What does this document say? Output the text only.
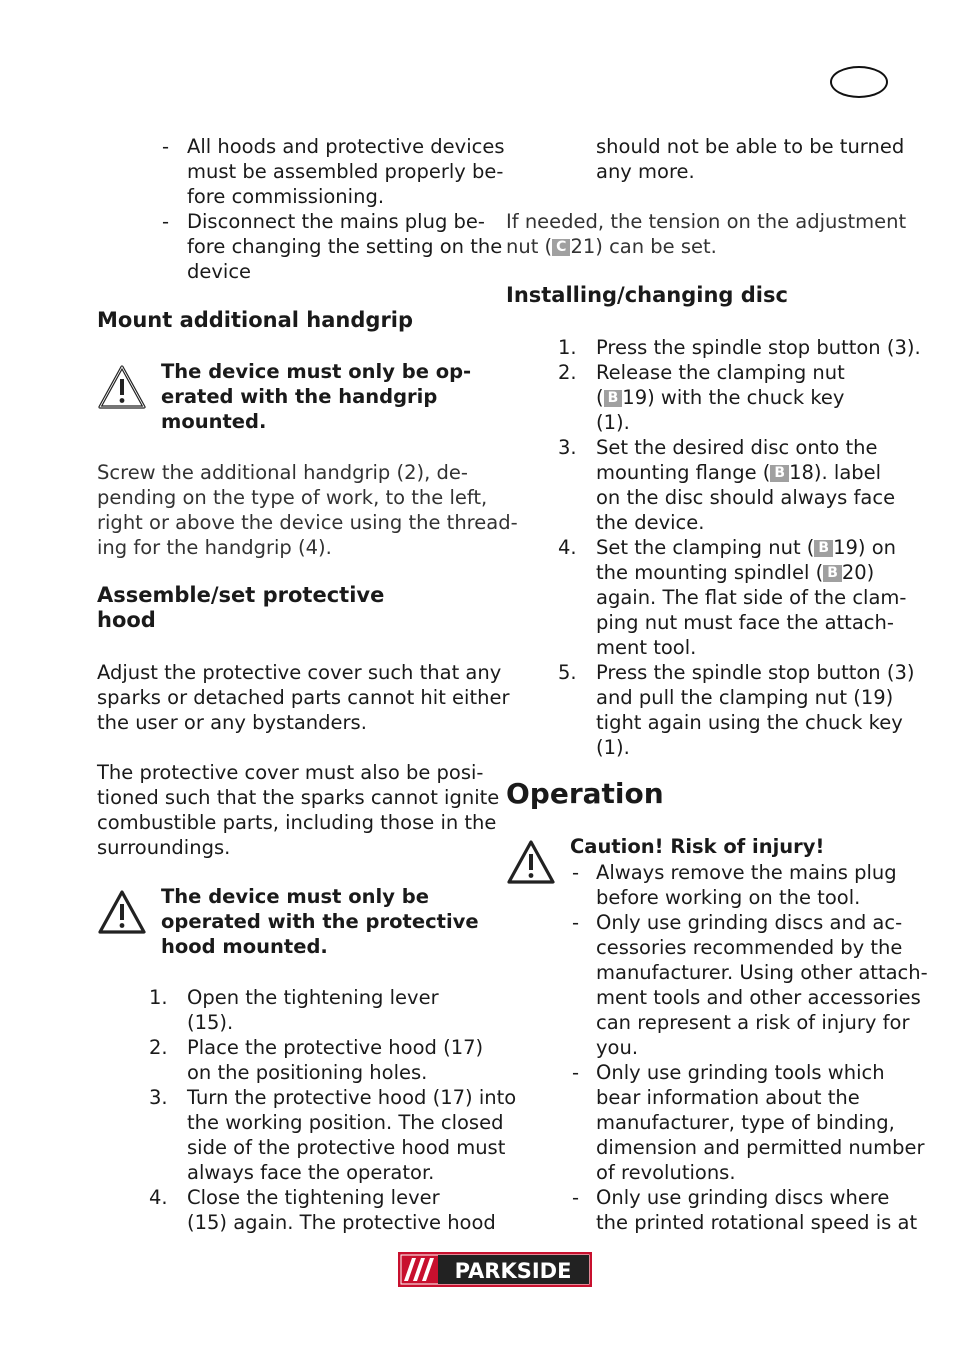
- All hoods and protective devices
must be assembled properly be-
fore commissioning.
- Disconnect the mains plug be-
fore changing the setting on the
device
Mount additional handgrip
The device must only be op-
erated with the handgrip
mounted.
Screw the additional handgrip (2), de-
pending on the type of work, to the left,
right or above the device using the thread-
ing for the handgrip (4).
Assemble/set protective
hood
Adjust the protective cover such that any
sparks or detached parts cannot hit either
the user or any bystanders.
The protective cover must also be posi-
tioned such that the sparks cannot ignite
combustible parts, including those in the
surroundings.
The device must only be
operated with the protective
hood mounted.
1. Open the tightening lever
(15).
2. Place the protective hood (17)
on the positioning holes.
3. Turn the protective hood (17) into
the working position. The closed
side of the protective hood must
always face the operator.
4. Close the tightening lever
(15) again. The protective hood
should not be able to be turned
any more.
If needed, the tension on the adjustment
nut ( C 21) can be set.
Installing/changing disc
1. Press the spindle stop button (3).
2. Release the clamping nut
( B 19) with the chuck key
(1).
3. Set the desired disc onto the
mounting flange ( B 18). label
on the disc should always face
the device.
4. Set the clamping nut ( B 19) on
the mounting spindlel ( B 20)
again. The flat side of the clam-
ping nut must face the attach-
ment tool.
5. Press the spindle stop button (3)
and pull the clamping nut (19)
tight again using the chuck key
(1).
Operation
Caution! Risk of injury!
- Always remove the mains plug
before working on the tool.
- Only use grinding discs and ac-
cessories recommended by the
manufacturer. Using other attach-
ment tools and other accessories
can represent a risk of injury for
you.
- Only use grinding tools which
bear information about the
manufacturer, type of binding,
dimension and permitted number
of revolutions.
- Only use grinding discs where
the printed rotational speed is at
PARKSIDE
